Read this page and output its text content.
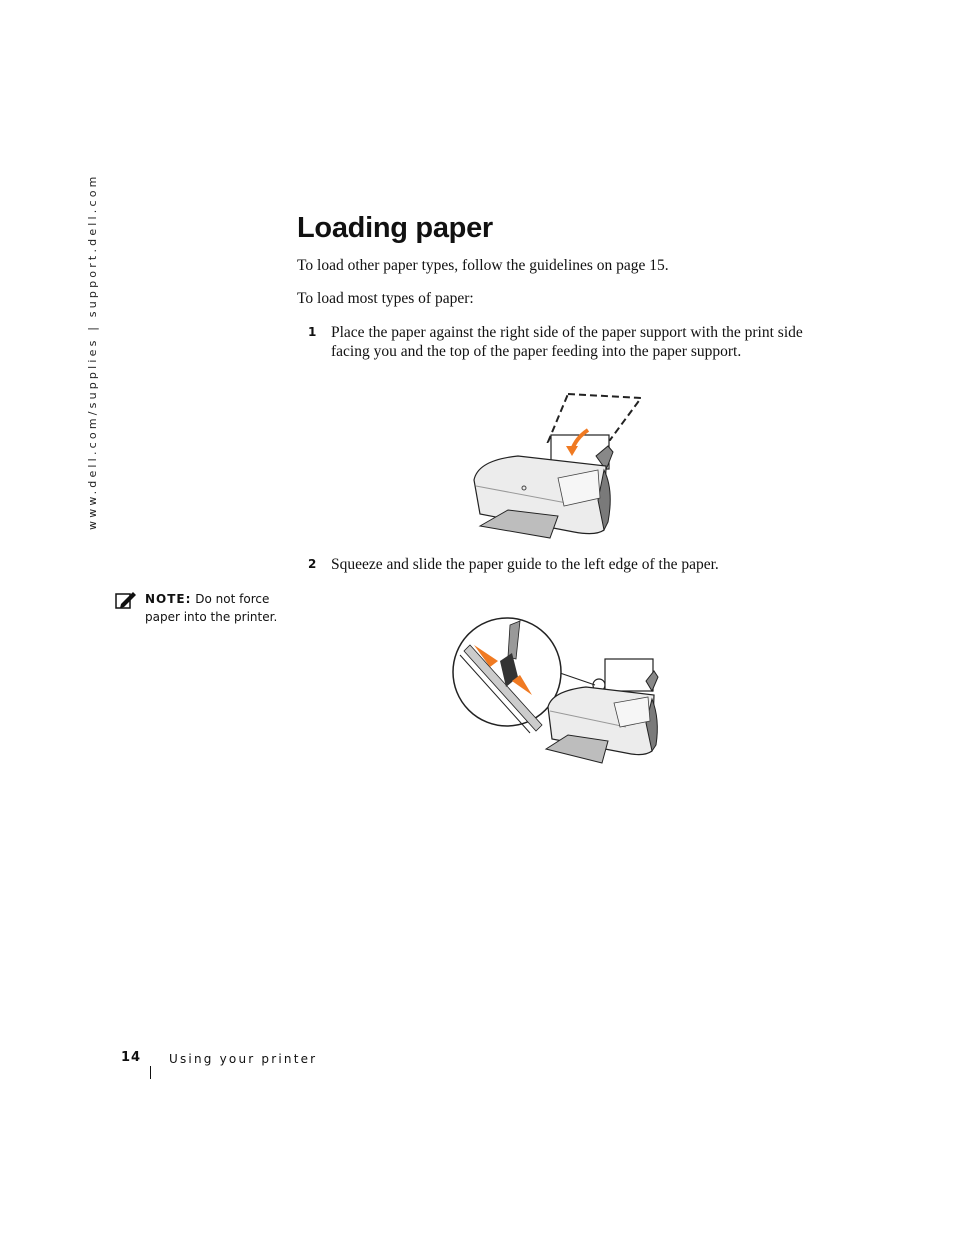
www.dell.com/supplies | support.dell.com	Loading paper
To load other paper types, follow the guidelines on page 15.
To load most types of paper:
1 Place the paper against the right side of the paper support with the print side facing you and the top of the paper feeding into the paper support.
2 Squeeze and slide the paper guide to the left edge of the paper.
NOTE: Do not force paper into the printer.
14 Using your printer
